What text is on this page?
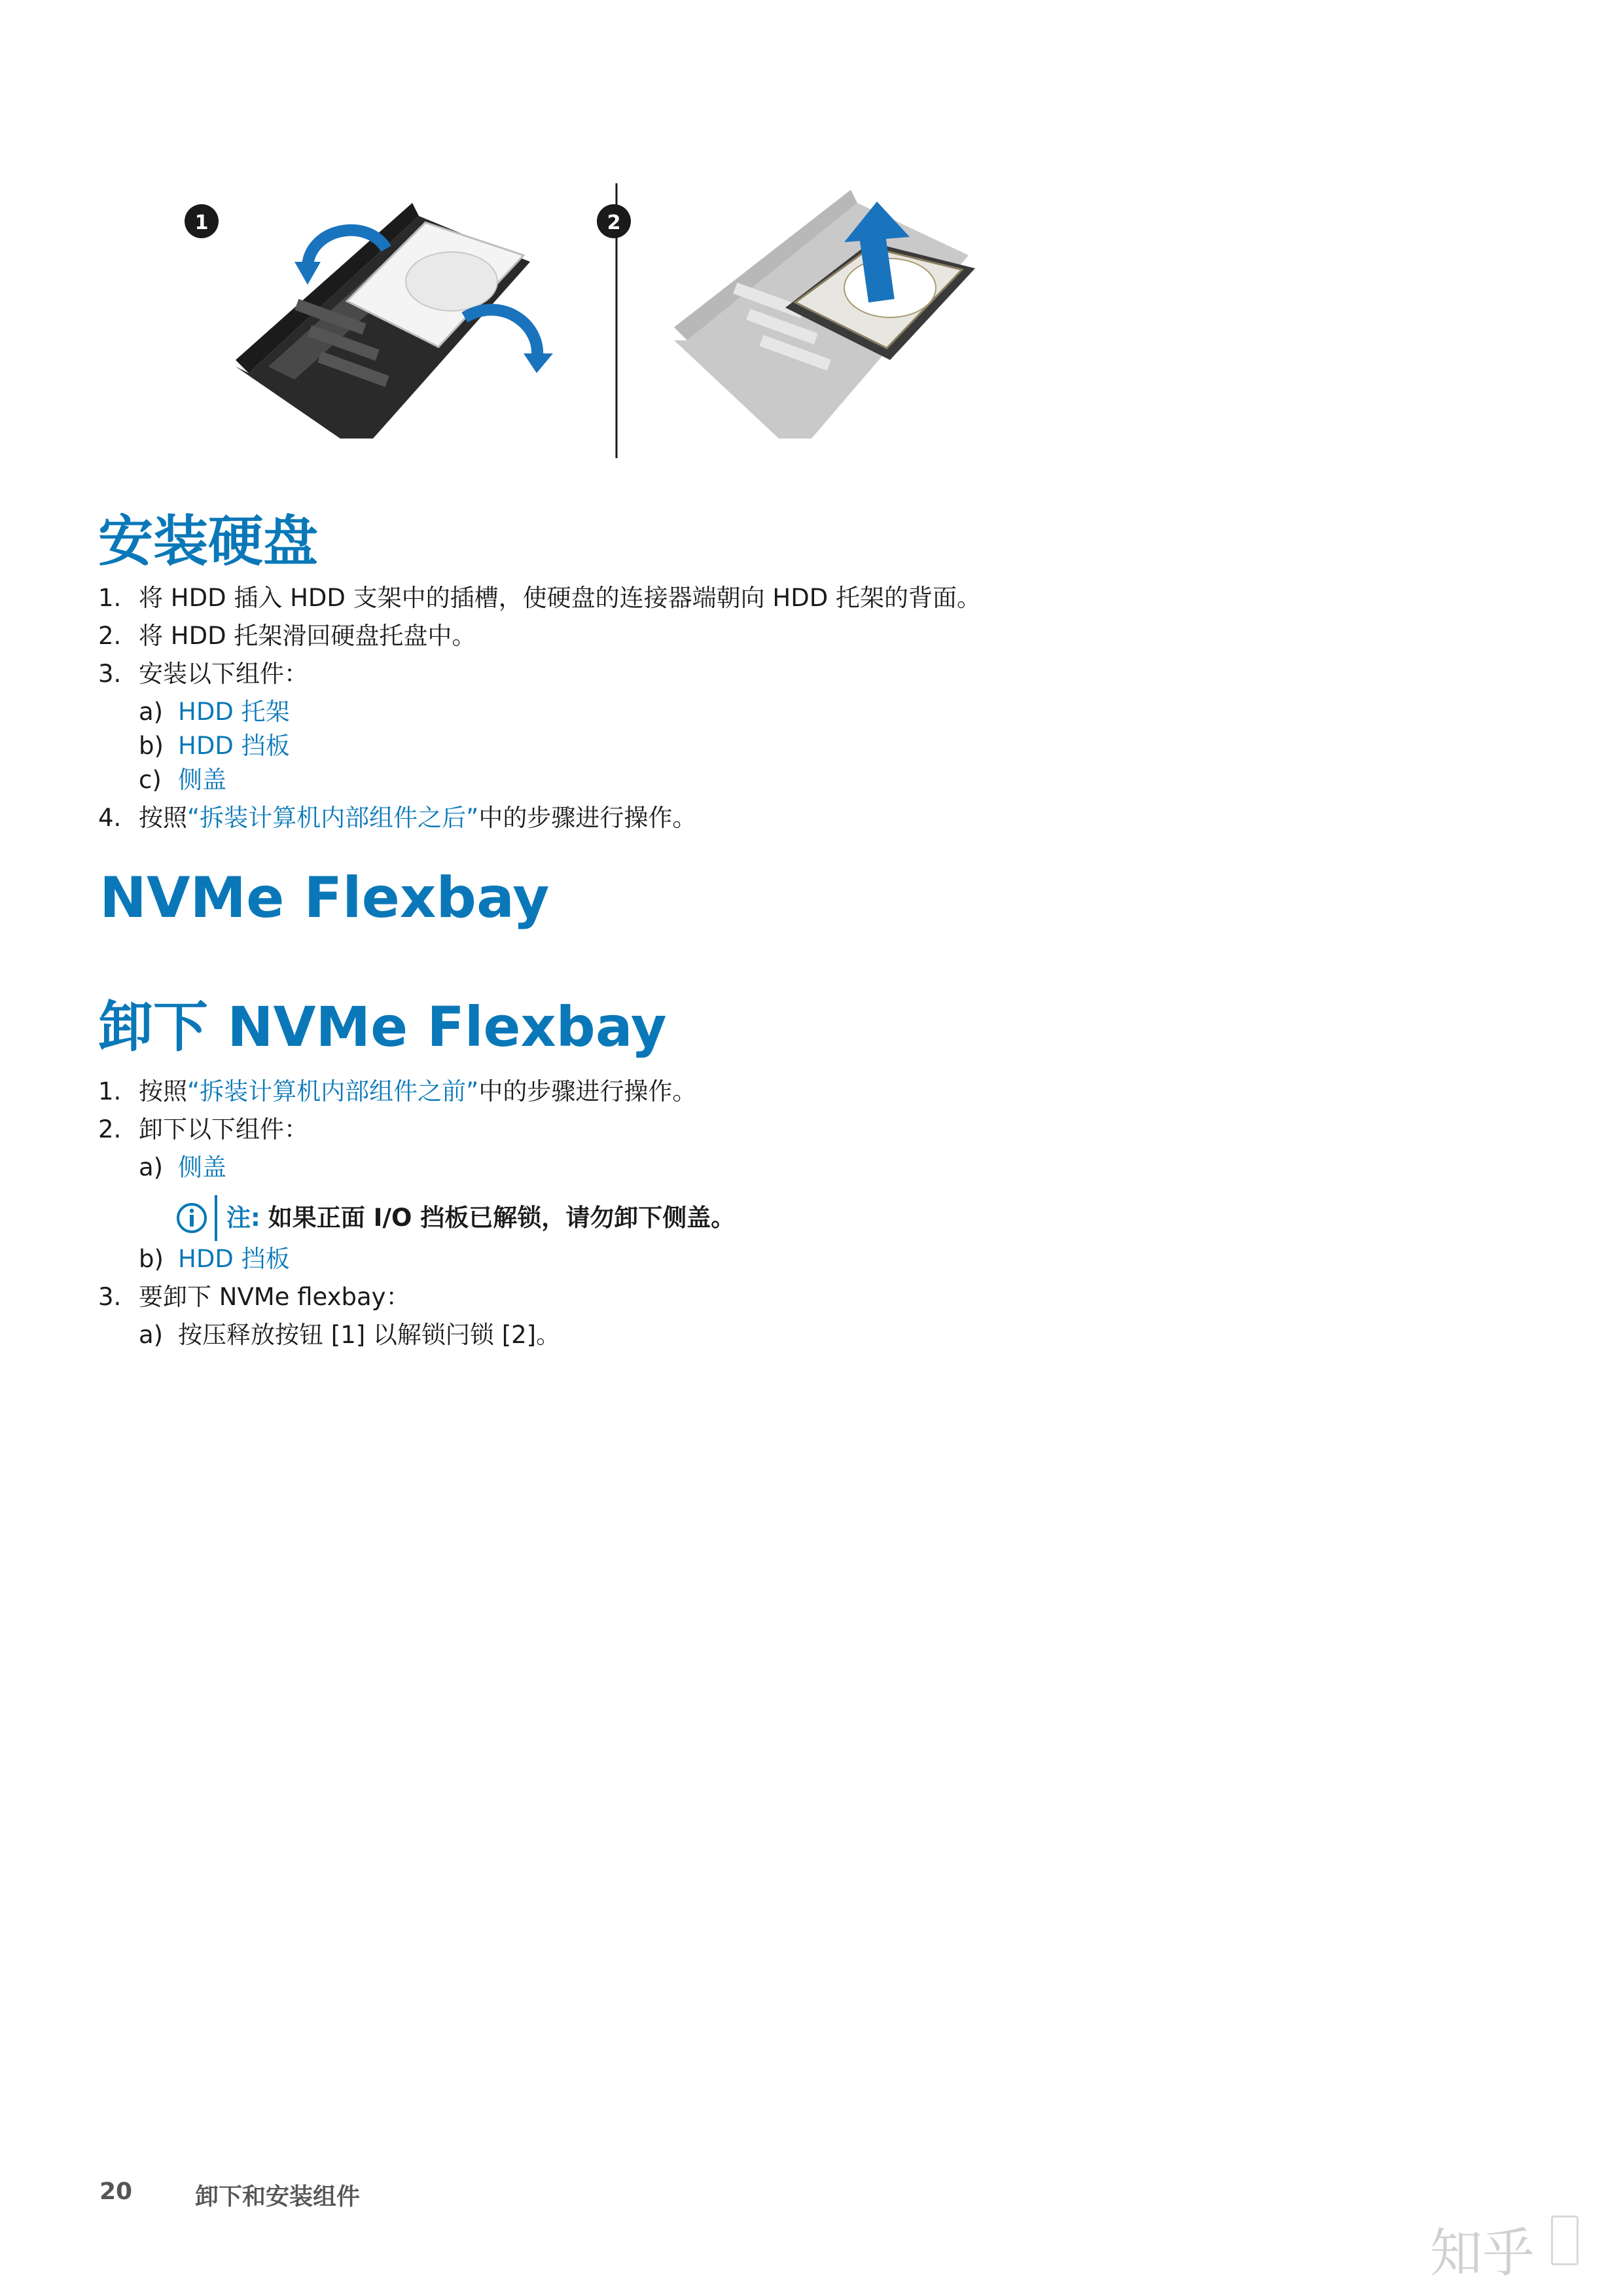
1	2
安装硬盘
1. 将 HDD 插入 HDD 支架中的插槽，使硬盘的连接器端朝向 HDD 托架的背面。
2. 将 HDD 托架滑回硬盘托盘中。
3. 安装以下组件：
a) HDD 托架
b) HDD 挡板
c) 侧盖
4. 按照“拆装计算机内部组件之后”中的步骤进行操作。
NVMe Flexbay
卸下 NVMe Flexbay
1. 按照“拆装计算机内部组件之前”中的步骤进行操作。
2. 卸下以下组件：
a) 侧盖
注: 如果正面 I/O 挡板已解锁，请勿卸下侧盖。
b) HDD 挡板
3. 要卸下 NVMe flexbay：
a) 按压释放按钮 [1] 以解锁闩锁 [2]。
20	卸下和安装组件
知乎
